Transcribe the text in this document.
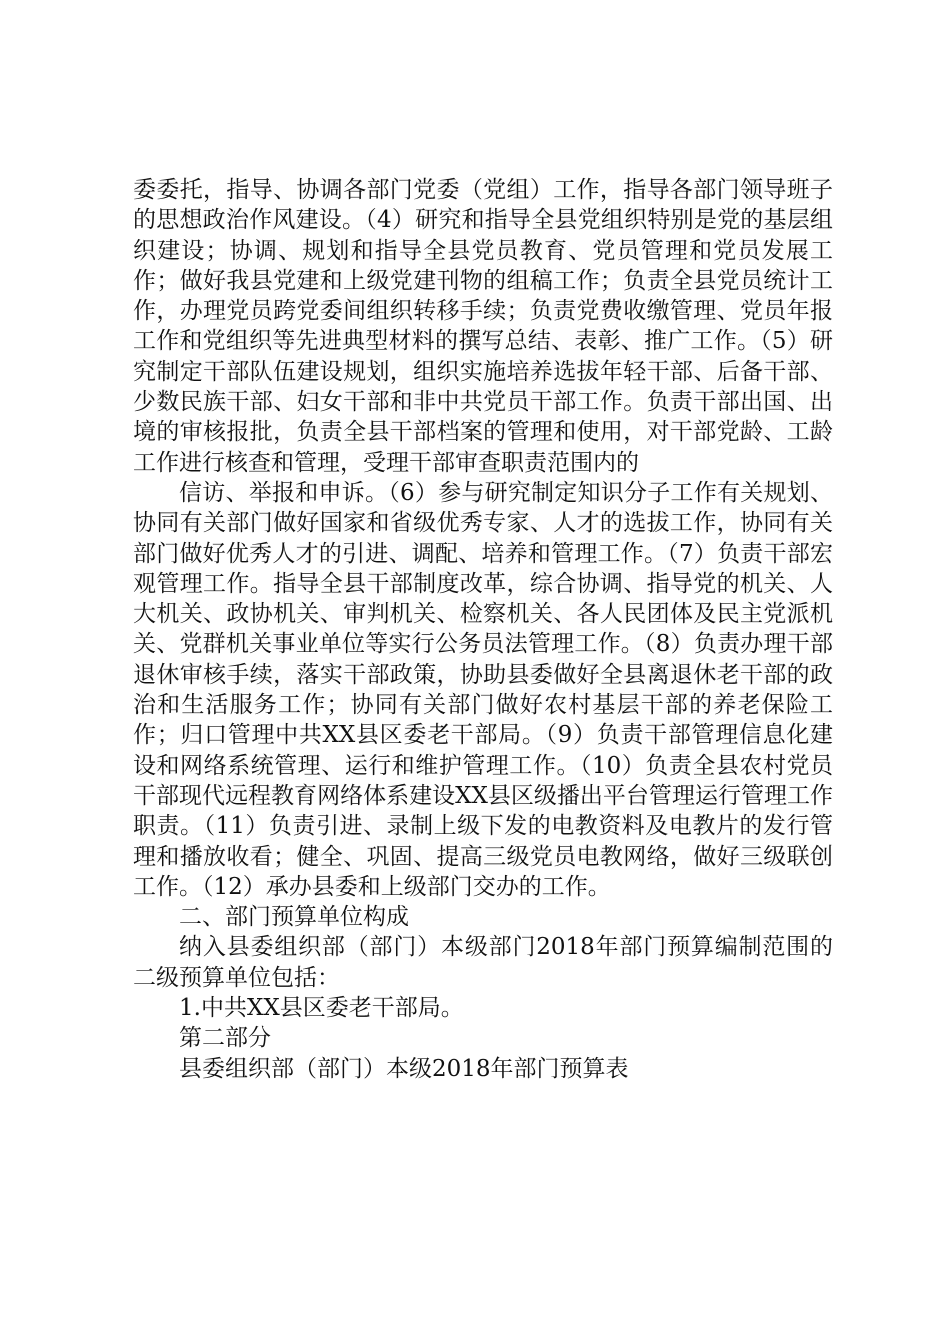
委委托，指导、协调各部门党委（党组）工作，指导各部门领导班子的思想政治作风建设。（4）研究和指导全县党组织特别是党的基层组织建设；协调、规划和指导全县党员教育、党员管理和党员发展工作；做好我县党建和上级党建刊物的组稿工作；负责全县党员统计工作，办理党员跨党委间组织转移手续；负责党费收缴管理、党员年报工作和党组织等先进典型材料的撰写总结、表彰、推广工作。（5）研究制定干部队伍建设规划，组织实施培养选拔年轻干部、后备干部、少数民族干部、妇女干部和非中共党员干部工作。负责干部出国、出境的审核报批，负责全县干部档案的管理和使用，对干部党龄、工龄工作进行核查和管理，受理干部审查职责范围内的

信访、举报和申诉。（6）参与研究制定知识分子工作有关规划、协同有关部门做好国家和省级优秀专家、人才的选拔工作，协同有关部门做好优秀人才的引进、调配、培养和管理工作。（7）负责干部宏观管理工作。指导全县干部制度改革，综合协调、指导党的机关、人大机关、政协机关、审判机关、检察机关、各人民团体及民主党派机关、党群机关事业单位等实行公务员法管理工作。（8）负责办理干部退休审核手续，落实干部政策，协助县委做好全县离退休老干部的政治和生活服务工作；协同有关部门做好农村基层干部的养老保险工作；归口管理中共XX县区委老干部局。（9）负责干部管理信息化建设和网络系统管理、运行和维护管理工作。（10）负责全县农村党员干部现代远程教育网络体系建设XX县区级播出平台管理运行管理工作职责。（11）负责引进、录制上级下发的电教资料及电教片的发行管理和播放收看；健全、巩固、提高三级党员电教网络，做好三级联创工作。（12）承办县委和上级部门交办的工作。

二、部门预算单位构成

纳入县委组织部（部门）本级部门2018年部门预算编制范围的二级预算单位包括：

1.中共XX县区委老干部局。

第二部分

县委组织部（部门）本级2018年部门预算表
